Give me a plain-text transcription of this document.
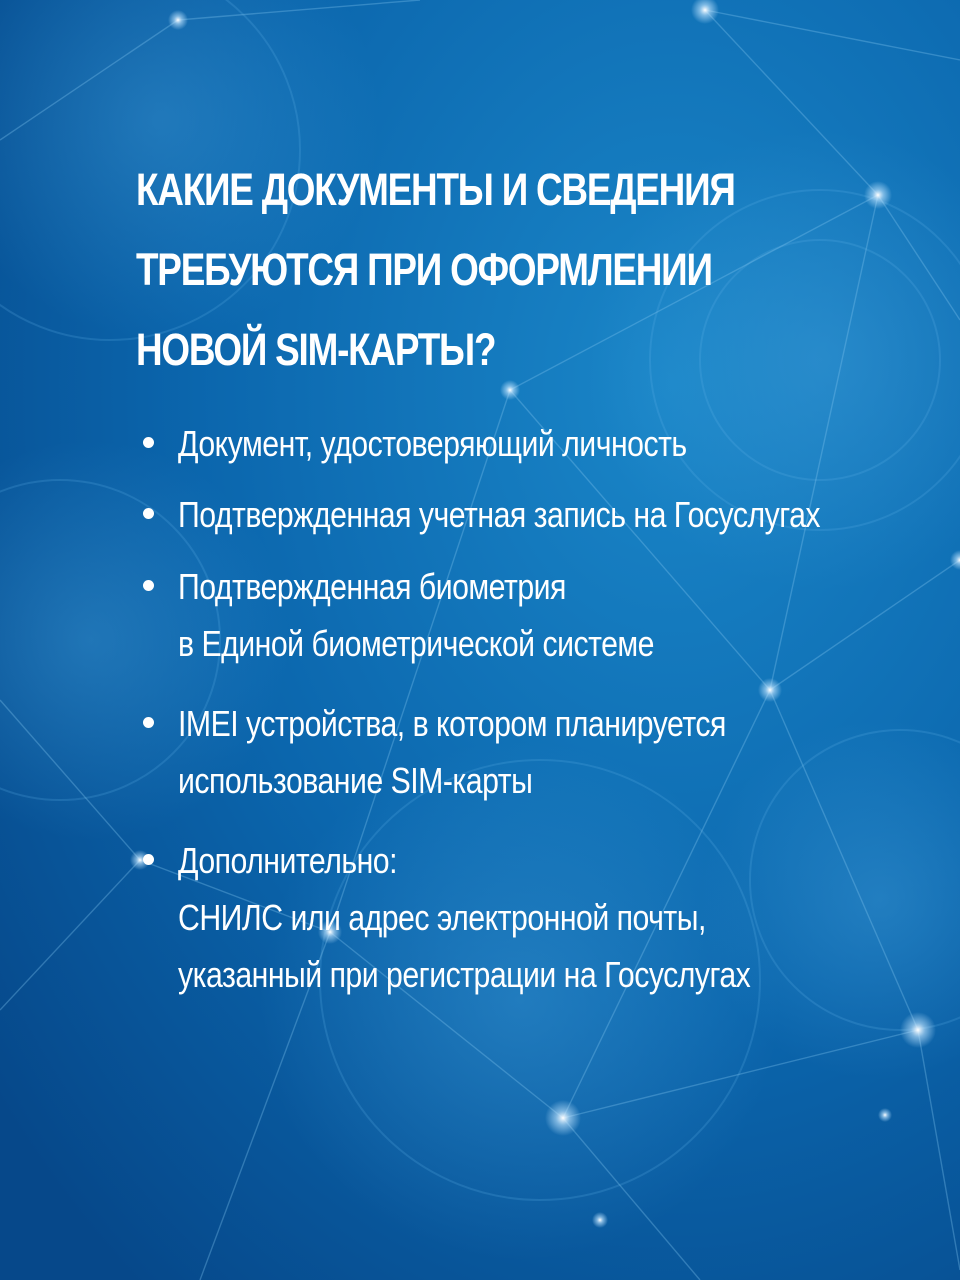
КАКИЕ ДОКУМЕНТЫ И СВЕДЕНИЯ
ТРЕБУЮТСЯ ПРИ ОФОРМЛЕНИИ
НОВОЙ SIM-КАРТЫ?
Документ, удостоверяющий личность
Подтвержденная учетная запись на Госуслугах
Подтвержденная биометрия
в Единой биометрической системе
IMEI устройства, в котором планируется
использование SIM-карты
Дополнительно:
СНИЛС или адрес электронной почты,
указанный при регистрации на Госуслугах
